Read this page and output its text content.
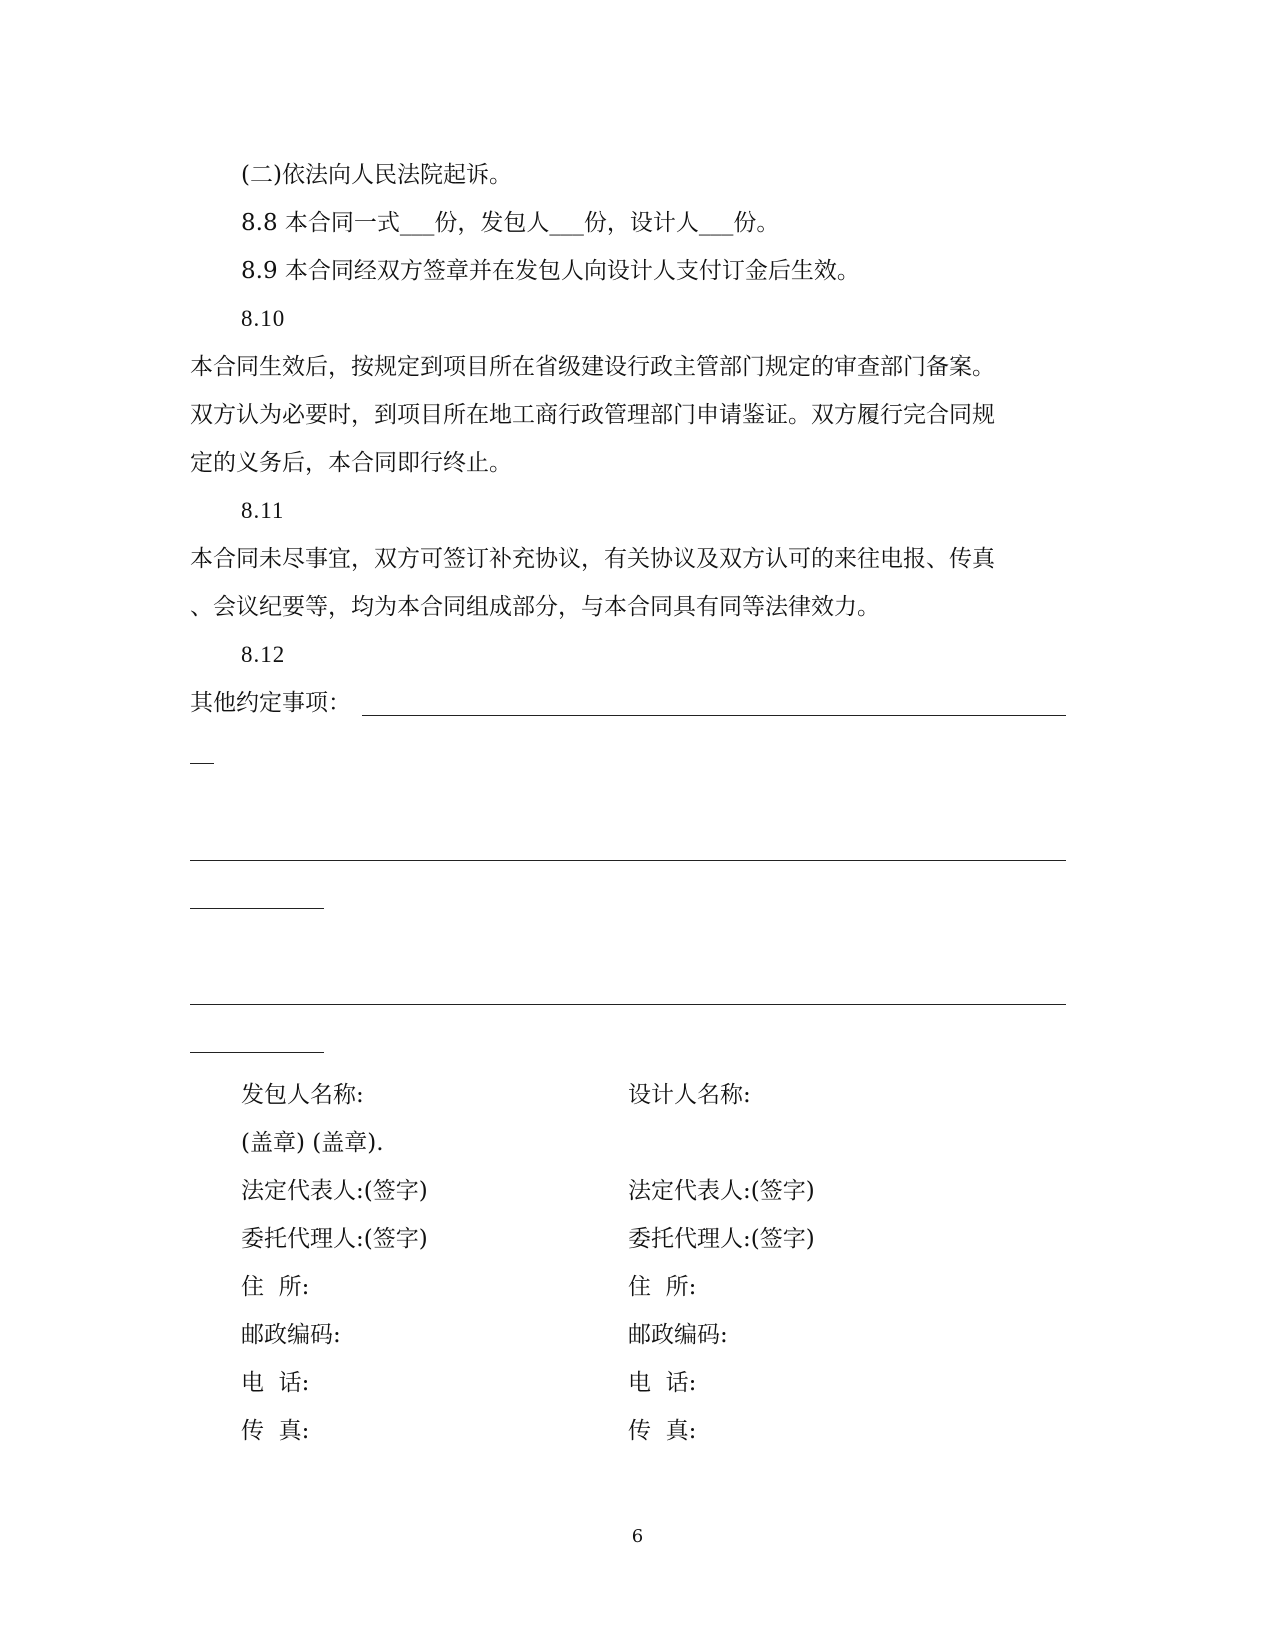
(二)依法向人民法院起诉。
8.8 本合同一式___份，发包人___份，设计人___份。
8.9 本合同经双方签章并在发包人向设计人支付订金后生效。
8.10
本合同生效后，按规定到项目所在省级建设行政主管部门规定的审查部门备案。
双方认为必要时，到项目所在地工商行政管理部门申请鉴证。双方履行完合同规
定的义务后，本合同即行终止。
8.11
本合同未尽事宜，双方可签订补充协议，有关协议及双方认可的来往电报、传真
、会议纪要等，均为本合同组成部分，与本合同具有同等法律效力。
8.12
其他约定事项：
发包人名称:
(盖章) (盖章).
法定代表人:(签字)
委托代理人:(签字)
住  所:
邮政编码:
电  话:
传  真:
设计人名称:
法定代表人:(签字)
委托代理人:(签字)
住  所:
邮政编码:
电  话:
传  真:
6
